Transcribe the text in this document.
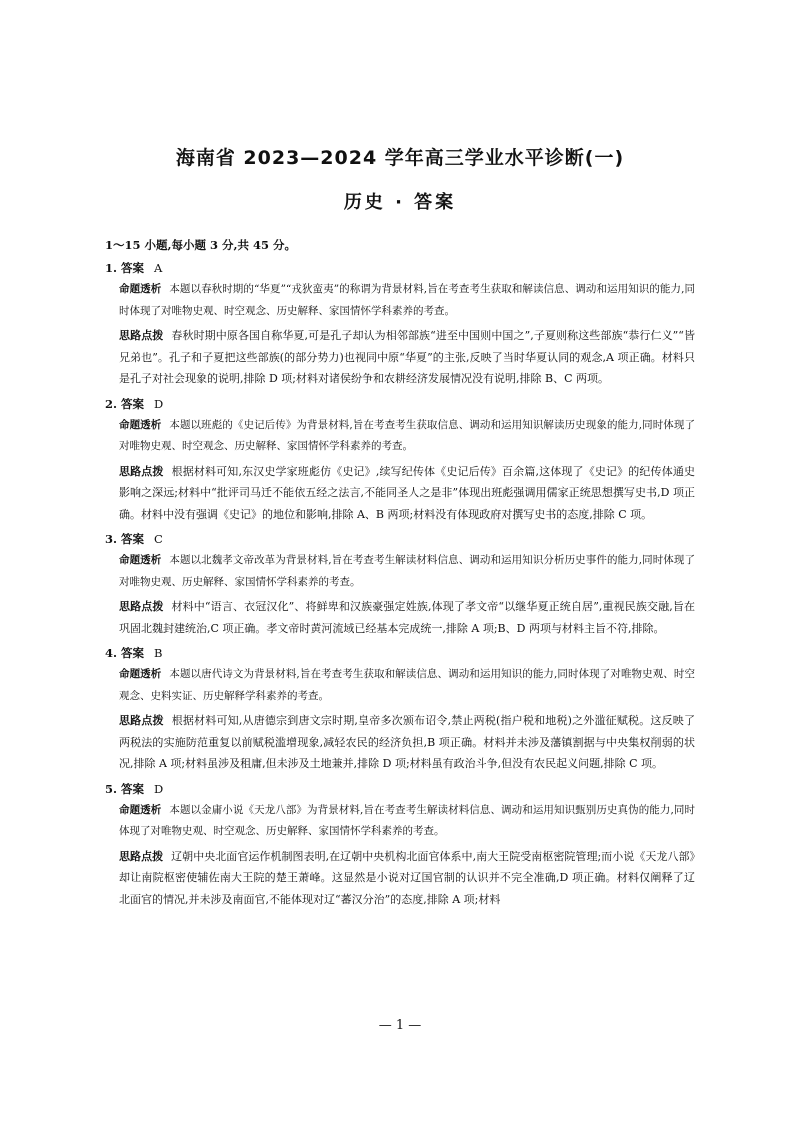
海南省 2023—2024 学年高三学业水平诊断(一)
历史 · 答案
1～15 小题,每小题 3 分,共 45 分。
1. 答案 A
命题透析 本题以春秋时期的“华夏”“戎狄蛮夷”的称谓为背景材料,旨在考查考生获取和解读信息、调动和运用知识的能力,同时体现了对唯物史观、时空观念、历史解释、家国情怀学科素养的考查。
思路点拨 春秋时期中原各国自称华夏,可是孔子却认为相邻部族“进至中国则中国之”,子夏则称这些部族“恭行仁义”“皆兄弟也”。孔子和子夏把这些部族(的部分势力)也视同中原“华夏”的主张,反映了当时华夏认同的观念,A 项正确。材料只是孔子对社会现象的说明,排除 D 项;材料对诸侯纷争和农耕经济发展情况没有说明,排除 B、C 两项。
2. 答案 D
命题透析 本题以班彪的《史记后传》为背景材料,旨在考查考生获取信息、调动和运用知识解读历史现象的能力,同时体现了对唯物史观、时空观念、历史解释、家国情怀学科素养的考查。
思路点拨 根据材料可知,东汉史学家班彪仿《史记》,续写纪传体《史记后传》百余篇,这体现了《史记》的纪传体通史影响之深远;材料中“批评司马迁不能依五经之法言,不能同圣人之是非”体现出班彪强调用儒家正统思想撰写史书,D 项正确。材料中没有强调《史记》的地位和影响,排除 A、B 两项;材料没有体现政府对撰写史书的态度,排除 C 项。
3. 答案 C
命题透析 本题以北魏孝文帝改革为背景材料,旨在考查考生解读材料信息、调动和运用知识分析历史事件的能力,同时体现了对唯物史观、历史解释、家国情怀学科素养的考查。
思路点拨 材料中“语言、衣冠汉化”、将鲜卑和汉族豪强定姓族,体现了孝文帝“以继华夏正统自居”,重视民族交融,旨在巩固北魏封建统治,C 项正确。孝文帝时黄河流域已经基本完成统一,排除 A 项;B、D 两项与材料主旨不符,排除。
4. 答案 B
命题透析 本题以唐代诗文为背景材料,旨在考查考生获取和解读信息、调动和运用知识的能力,同时体现了对唯物史观、时空观念、史料实证、历史解释学科素养的考查。
思路点拨 根据材料可知,从唐德宗到唐文宗时期,皇帝多次颁布诏令,禁止两税(指户税和地税)之外滥征赋税。这反映了两税法的实施防范重复以前赋税滥增现象,减轻农民的经济负担,B 项正确。材料并未涉及藩镇割据与中央集权削弱的状况,排除 A 项;材料虽涉及租庸,但未涉及土地兼并,排除 D 项;材料虽有政治斗争,但没有农民起义问题,排除 C 项。
5. 答案 D
命题透析 本题以金庸小说《天龙八部》为背景材料,旨在考查考生解读材料信息、调动和运用知识甄别历史真伪的能力,同时体现了对唯物史观、时空观念、历史解释、家国情怀学科素养的考查。
思路点拨 辽朝中央北面官运作机制图表明,在辽朝中央机构北面官体系中,南大王院受南枢密院管理;而小说《天龙八部》却让南院枢密使辅佐南大王院的楚王萧峰。这显然是小说对辽国官制的认识并不完全准确,D 项正确。材料仅阐释了辽北面官的情况,并未涉及南面官,不能体现对辽“蕃汉分治”的态度,排除 A 项;材料
— 1 —
